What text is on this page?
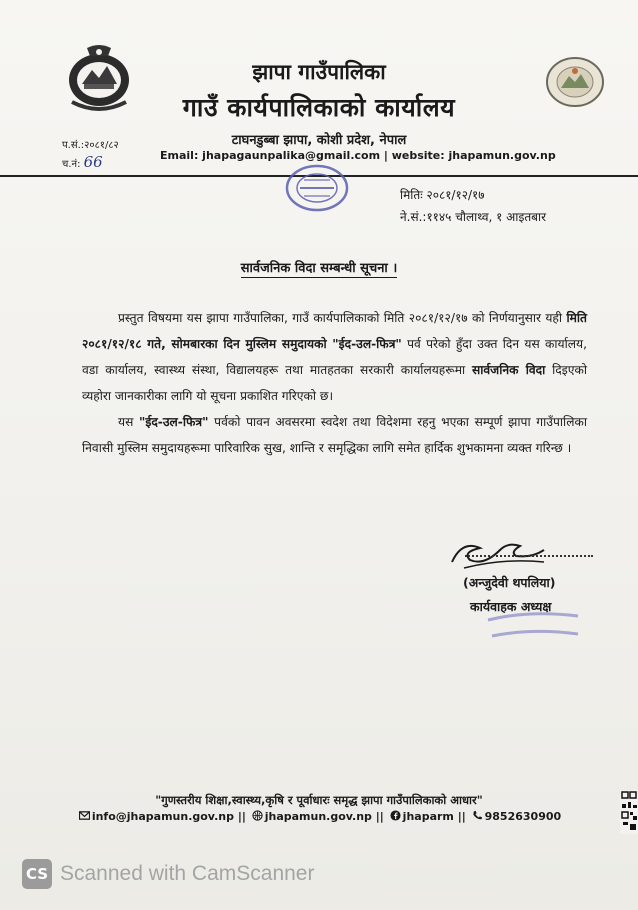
झापा गाउँपालिका
गाउँ कार्यपालिकाको कार्यालय
प.सं.:२०८१/८२
च.नं: 66
टाघनडुब्बा झापा, कोशी प्रदेश, नेपाल
Email: jhapagaunpalika@gmail.com | website: jhapamun.gov.np
मितिः २०८१/१२/१७
ने.सं.:११४५ चौलाथ्व, १ आइतबार
सार्वजनिक विदा सम्बन्धी सूचना ।

प्रस्तुत विषयमा यस झापा गाउँपालिका, गाउँ कार्यपालिकाको मिति २०८१/१२/१७ को निर्णयानुसार यही मिति २०८१/१२/१८ गते, सोमबारका दिन मुस्लिम समुदायको "ईद-उल-फित्र" पर्व परेको हुँदा उक्त दिन यस कार्यालय, वडा कार्यालय, स्वास्थ्य संस्था, विद्यालयहरू तथा मातहतका सरकारी कार्यालयहरूमा सार्वजनिक विदा दिइएको व्यहोरा जानकारीका लागि यो सूचना प्रकाशित गरिएको छ।

यस "ईद-उल-फित्र" पर्वको पावन अवसरमा स्वदेश तथा विदेशमा रहनु भएका सम्पूर्ण झापा गाउँपालिका निवासी मुस्लिम समुदायहरूमा पारिवारिक सुख, शान्ति र समृद्धिका लागि समेत हार्दिक शुभकामना व्यक्त गरिन्छ ।

(अन्जुदेवी थपलिया)
कार्यवाहक अध्यक्ष
"गुणस्तरीय शिक्षा,स्वास्थ्य,कृषि र पूर्वाधारः समृद्ध झापा गाउँपालिकाको आधार"
info@jhapamun.gov.np || jhapamun.gov.np || jhaparm || 9852630900
CS Scanned with CamScanner
